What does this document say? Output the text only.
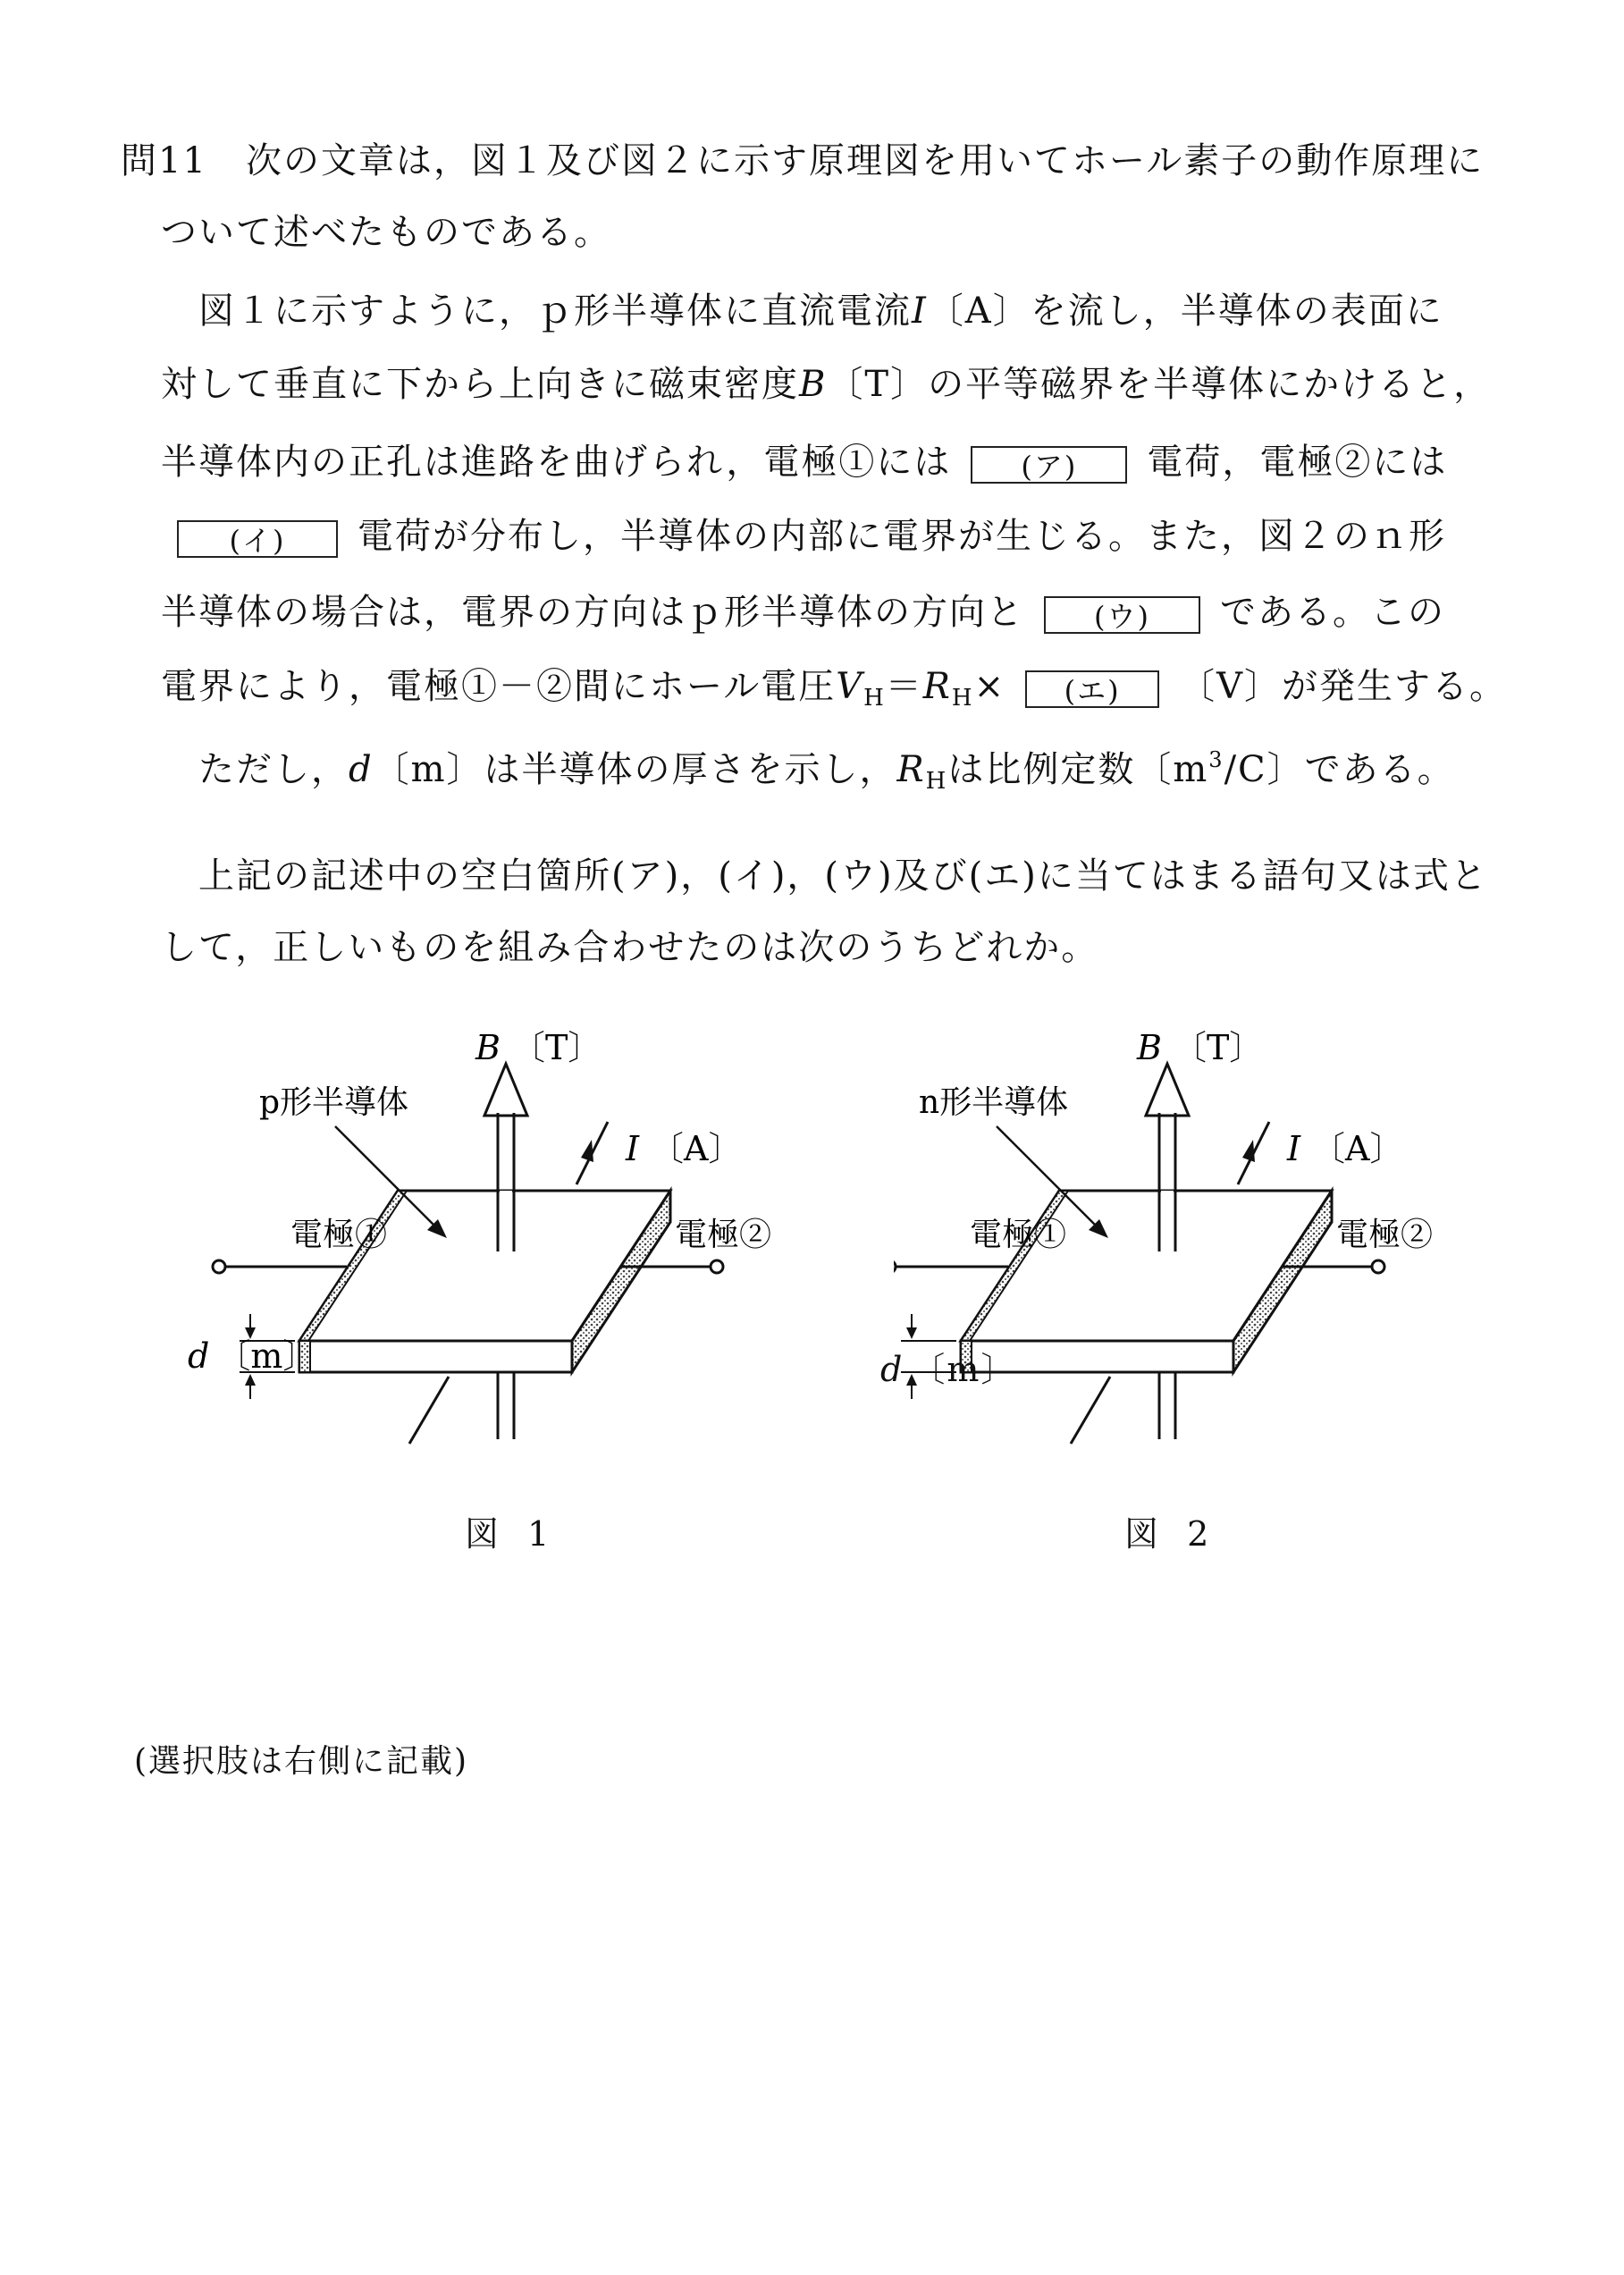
問11 次の文章は，図１及び図２に示す原理図を用いてホール素子の動作原理に
ついて述べたものである。
図１に示すように，ｐ形半導体に直流電流I〔A〕を流し，半導体の表面に
対して垂直に下から上向きに磁束密度B〔T〕の平等磁界を半導体にかけると，
半導体内の正孔は進路を曲げられ，電極①には (ア) 電荷，電極②には
(イ) 電荷が分布し，半導体の内部に電界が生じる。また，図２のｎ形
半導体の場合は，電界の方向はｐ形半導体の方向と (ウ) である。この
電界により，電極①－②間にホール電圧$V_H=R_H\times$ (エ) 〔V〕が発生する。
ただし，d〔m〕は半導体の厚さを示し，$R_H$は比例定数〔$m^3/C$〕である。
上記の記述中の空白箇所(ア)，(イ)，(ウ)及び(エ)に当てはまる語句又は式と
して，正しいものを組み合わせたのは次のうちどれか。
B 〔T〕
p形半導体
I 〔A〕
電極①	電極②
d 〔m〕
図 1
B 〔T〕
n形半導体
I 〔A〕
電極①	電極②
d 〔m〕
図 2
(選択肢は右側に記載)
